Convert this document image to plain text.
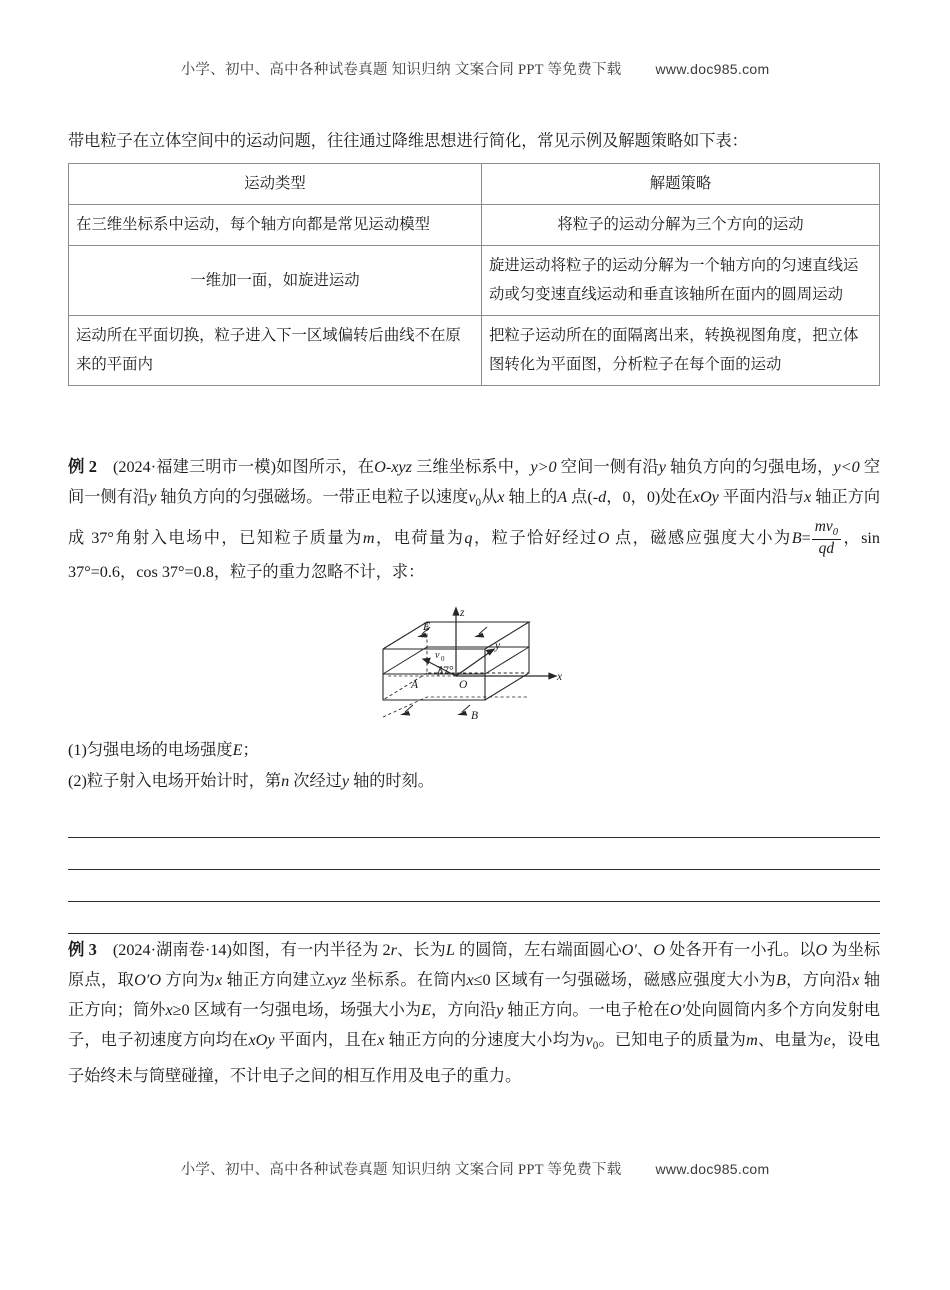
小学、初中、高中各种试卷真题 知识归纳 文案合同 PPT 等免费下载 www.doc985.com

带电粒子在立体空间中的运动问题，往往通过降维思想进行简化，常见示例及解题策略如下表：

运动类型	解题策略
在三维坐标系中运动，每个轴方向都是常见运动模型	将粒子的运动分解为三个方向的运动
一维加一面，如旋进运动	旋进运动将粒子的运动分解为一个轴方向的匀速直线运动或匀变速直线运动和垂直该轴所在面内的圆周运动
运动所在平面切换，粒子进入下一区域偏转后曲线不在原来的平面内	把粒子运动所在的面隔离出来，转换视图角度，把立体图转化为平面图，分析粒子在每个面的运动

例 2 (2024·福建三明市一模)如图所示，在O-xyz 三维坐标系中，y>0 空间一侧有沿y 轴负方向的匀强电场，y<0 空间一侧有沿y 轴负方向的匀强磁场。一带正电粒子以速度$v_0$从x 轴上的A 点(-d，0，0)处在xOy 平面内沿与x 轴正方向成 37°角射入电场中，已知粒子质量为m，电荷量为q，粒子恰好经过O 点，磁感应强度大小为$B= \frac{mv_0}{qd}$ ，sin 37°=0.6，cos 37°=0.8，粒子的重力忽略不计，求：

z
y
x
O
A
E
B
v 0
37°

(1)匀强电场的电场强度E；

(2)粒子射入电场开始计时，第n 次经过y 轴的时刻。

例 3 (2024·湖南卷·14)如图，有一内半径为 2r、长为L 的圆筒，左右端面圆心O′、O 处各开有一小孔。以O 为坐标原点，取O′O 方向为x 轴正方向建立xyz 坐标系。在筒内x≤0 区域有一匀强磁场，磁感应强度大小为B，方向沿x 轴正方向；筒外x≥0 区域有一匀强电场，场强大小为E，方向沿y 轴正方向。一电子枪在O′处向圆筒内多个方向发射电子，电子初速度方向均在xOy 平面内，且在x 轴正方向的分速度大小均为$v_0$。已知电子的质量为m、电量为e，设电子始终未与筒壁碰撞，不计电子之间的相互作用及电子的重力。

小学、初中、高中各种试卷真题 知识归纳 文案合同 PPT 等免费下载 www.doc985.com
